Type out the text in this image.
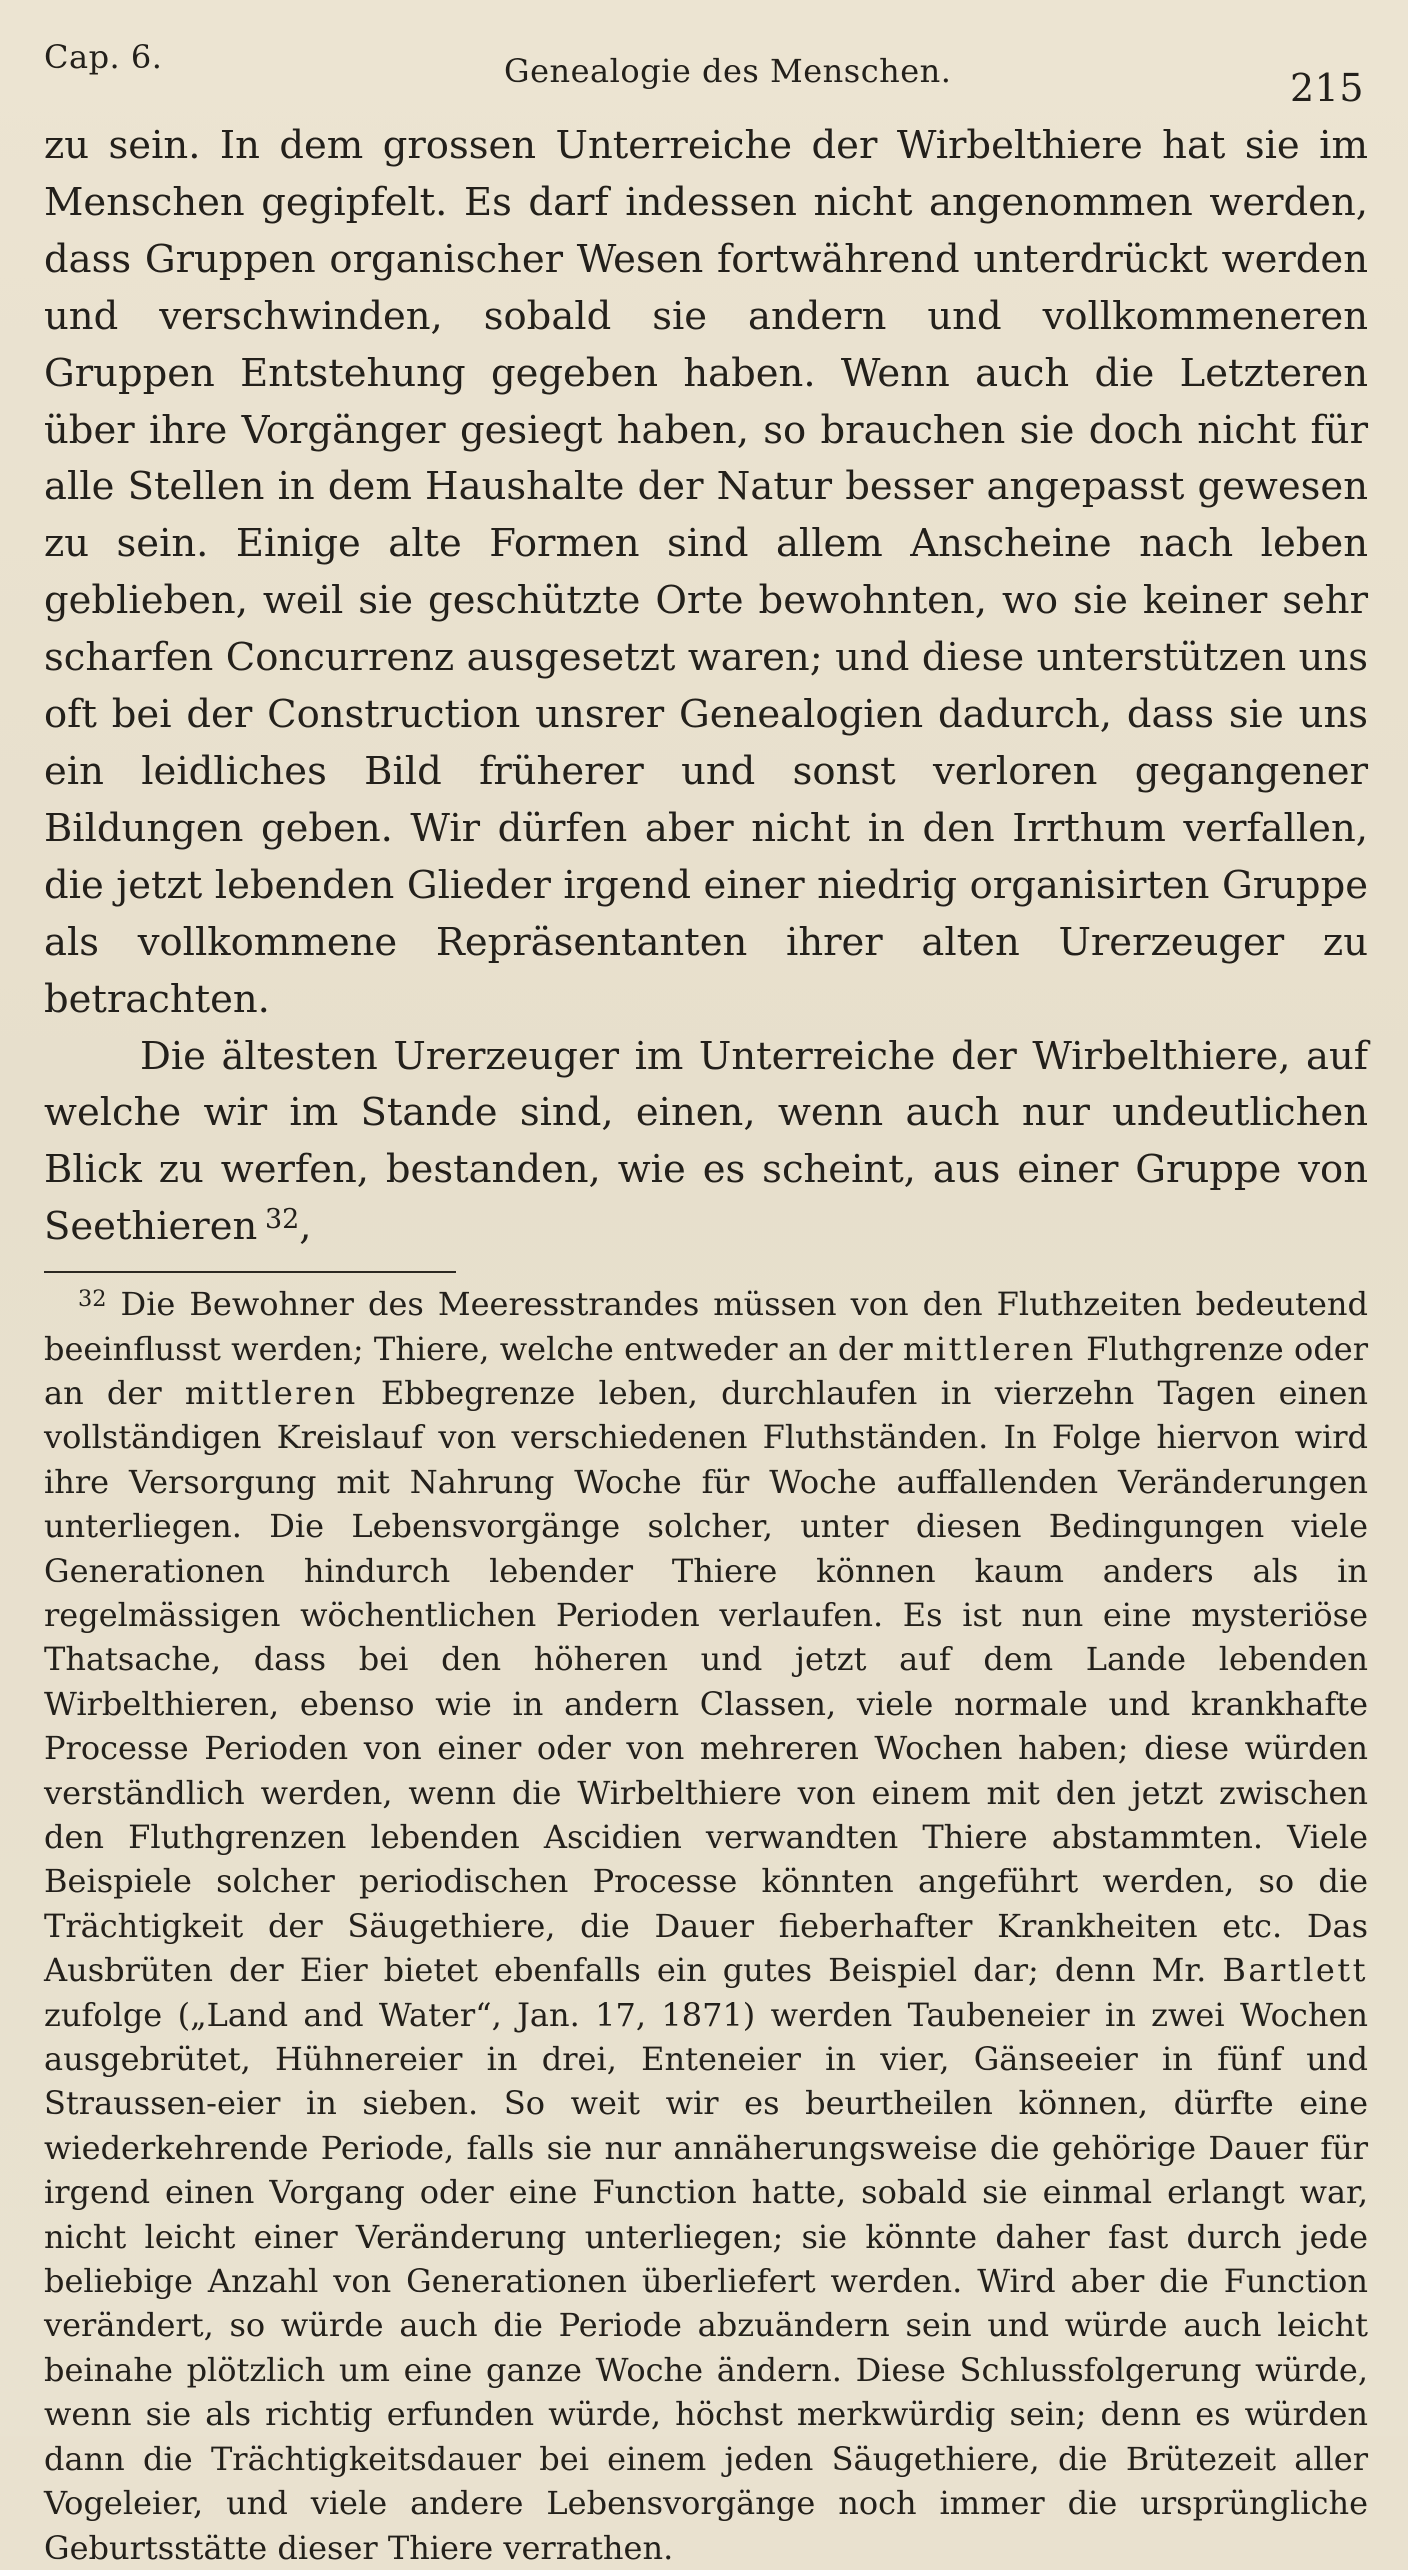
Cap. 6.	Genealogie des Menschen.	215

zu sein. In dem grossen Unterreiche der Wirbelthiere hat sie im Menschen gegipfelt. Es darf indessen nicht angenommen werden, dass Gruppen organischer Wesen fortwährend unterdrückt werden und verschwinden, sobald sie andern und vollkommeneren Gruppen Entstehung gegeben haben. Wenn auch die Letzteren über ihre Vorgänger gesiegt haben, so brauchen sie doch nicht für alle Stellen in dem Haushalte der Natur besser angepasst gewesen zu sein. Einige alte Formen sind allem Anscheine nach leben geblieben, weil sie geschützte Orte bewohnten, wo sie keiner sehr scharfen Concurrenz ausgesetzt waren; und diese unterstützen uns oft bei der Construction unsrer Genealogien dadurch, dass sie uns ein leidliches Bild früherer und sonst verloren gegangener Bildungen geben. Wir dürfen aber nicht in den Irrthum verfallen, die jetzt lebenden Glieder irgend einer niedrig organisirten Gruppe als vollkommene Repräsentanten ihrer alten Urerzeuger zu betrachten.

Die ältesten Urerzeuger im Unterreiche der Wirbelthiere, auf welche wir im Stande sind, einen, wenn auch nur undeutlichen Blick zu werfen, bestanden, wie es scheint, aus einer Gruppe von Seethieren  $^{32}$,

$^{32}$ Die Bewohner des Meeresstrandes müssen von den Fluthzeiten bedeutend beeinflusst werden; Thiere, welche entweder an der mittleren Fluthgrenze oder an der mittleren Ebbegrenze leben, durchlaufen in vierzehn Tagen einen vollständigen Kreislauf von verschiedenen Fluthständen. In Folge hiervon wird ihre Versorgung mit Nahrung Woche für Woche auffallenden Veränderungen unterliegen. Die Lebensvorgänge solcher, unter diesen Bedingungen viele Generationen hindurch lebender Thiere können kaum anders als in regelmässigen wöchentlichen Perioden verlaufen. Es ist nun eine mysteriöse Thatsache, dass bei den höheren und jetzt auf dem Lande lebenden Wirbelthieren, ebenso wie in andern Classen, viele normale und krankhafte Processe Perioden von einer oder von mehreren Wochen haben; diese würden verständlich werden, wenn die Wirbelthiere von einem mit den jetzt zwischen den Fluthgrenzen lebenden Ascidien verwandten Thiere abstammten. Viele Beispiele solcher periodischen Processe könnten angeführt werden, so die Trächtigkeit der Säugethiere, die Dauer fieberhafter Krankheiten etc. Das Ausbrüten der Eier bietet ebenfalls ein gutes Beispiel dar; denn Mr. Bartlett zufolge („Land and Water“, Jan. 17, 1871) werden Taubeneier in zwei Wochen ausgebrütet, Hühnereier in drei, Enteneier in vier, Gänseeier in fünf und Straussen-eier in sieben. So weit wir es beurtheilen können, dürfte eine wiederkehrende Periode, falls sie nur annäherungsweise die gehörige Dauer für irgend einen Vorgang oder eine Function hatte, sobald sie einmal erlangt war, nicht leicht einer Veränderung unterliegen; sie könnte daher fast durch jede beliebige Anzahl von Generationen überliefert werden. Wird aber die Function verändert, so würde auch die Periode abzuändern sein und würde auch leicht beinahe plötzlich um eine ganze Woche ändern. Diese Schlussfolgerung würde, wenn sie als richtig erfunden würde, höchst merkwürdig sein; denn es würden dann die Trächtigkeitsdauer bei einem jeden Säugethiere, die Brütezeit aller Vogeleier, und viele andere Lebensvorgänge noch immer die ursprüngliche Geburtsstätte dieser Thiere verrathen.
